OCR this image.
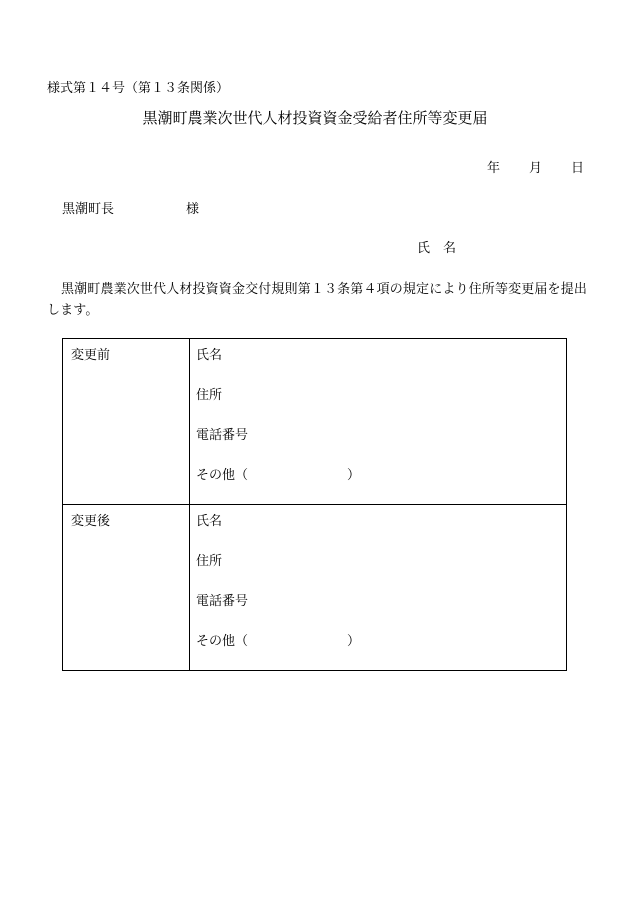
様式第１４号（第１３条関係）
黒潮町農業次世代人材投資資金受給者住所等変更届
年 月 日
黒潮町長	様
氏　名
黒潮町農業次世代人材投資資金交付規則第１３条第４項の規定により住所等変更届を提出します。
変更前	氏名
住所
電話番号
その他（ ）

変更後	氏名
住所
電話番号
その他（ ）
